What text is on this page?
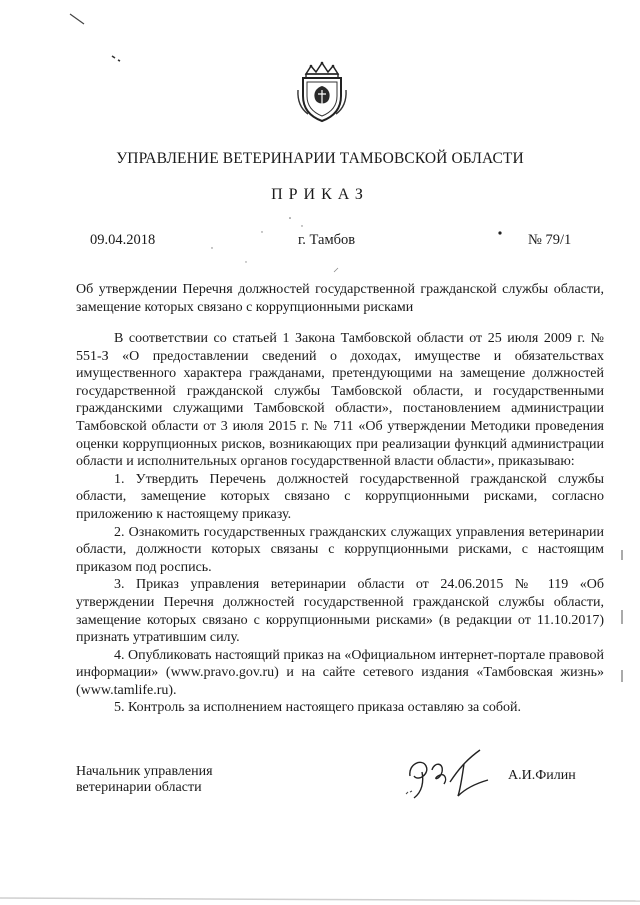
УПРАВЛЕНИЕ ВЕТЕРИНАРИИ ТАМБОВСКОЙ ОБЛАСТИ
ПРИКАЗ
09.04.2018	г. Тамбов	№ 79/1
Об утверждении Перечня должностей государственной гражданской службы области, замещение которых связано с коррупционными рисками

В соответствии со статьей 1 Закона Тамбовской области от 25 июля 2009 г. № 551-З «О предоставлении сведений о доходах, имуществе и обязательствах имущественного характера гражданами, претендующими на замещение должностей государственной гражданской службы Тамбовской области, и государственными гражданскими служащими Тамбовской области», постановлением администрации Тамбовской области от 3 июля 2015 г. № 711 «Об утверждении Методики проведения оценки коррупционных рисков, возникающих при реализации функций администрации области и исполнительных органов государственной власти области», приказываю:

1. Утвердить Перечень должностей государственной гражданской службы области, замещение которых связано с коррупционными рисками, согласно приложению к настоящему приказу.

2. Ознакомить государственных гражданских служащих управления ветеринарии области, должности которых связаны с коррупционными рисками, с настоящим приказом под роспись.

3. Приказ управления ветеринарии области от 24.06.2015 № 119 «Об утверждении Перечня должностей государственной гражданской службы области, замещение которых связано с коррупционными рисками» (в редакции от 11.10.2017) признать утратившим силу.

4. Опубликовать настоящий приказ на «Официальном интернет-портале правовой информации» (www.pravo.gov.ru) и на сайте сетевого издания «Тамбовская жизнь» (www.tamlife.ru).

5. Контроль за исполнением настоящего приказа оставляю за собой.

Начальник управления
ветеринарии области
А.И.Филин
